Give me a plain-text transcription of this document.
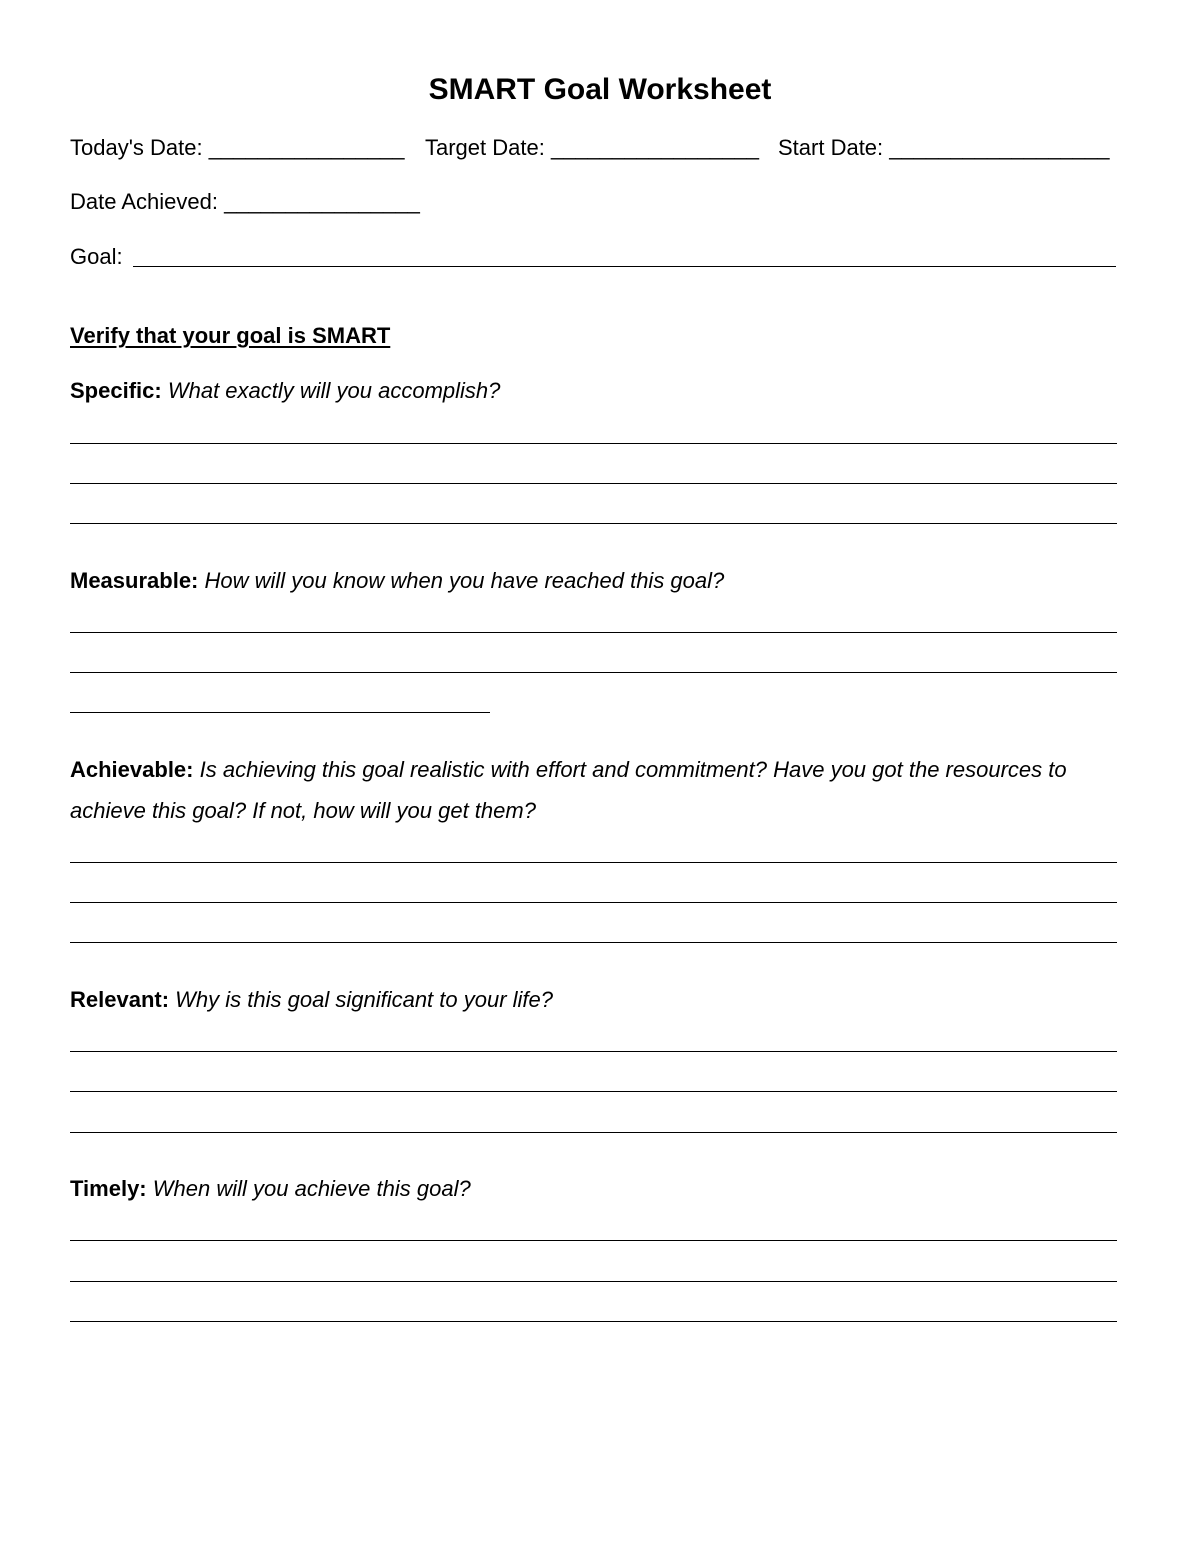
SMART Goal Worksheet
Today's Date: ________________ Target Date: _________________ Start Date: __________________
Date Achieved: ________________
Goal:
Verify that your goal is SMART
Specific: What exactly will you accomplish?
Measurable: How will you know when you have reached this goal?
Achievable: Is achieving this goal realistic with effort and commitment? Have you got the resources to achieve this goal? If not, how will you get them?
Relevant: Why is this goal significant to your life?
Timely: When will you achieve this goal?
